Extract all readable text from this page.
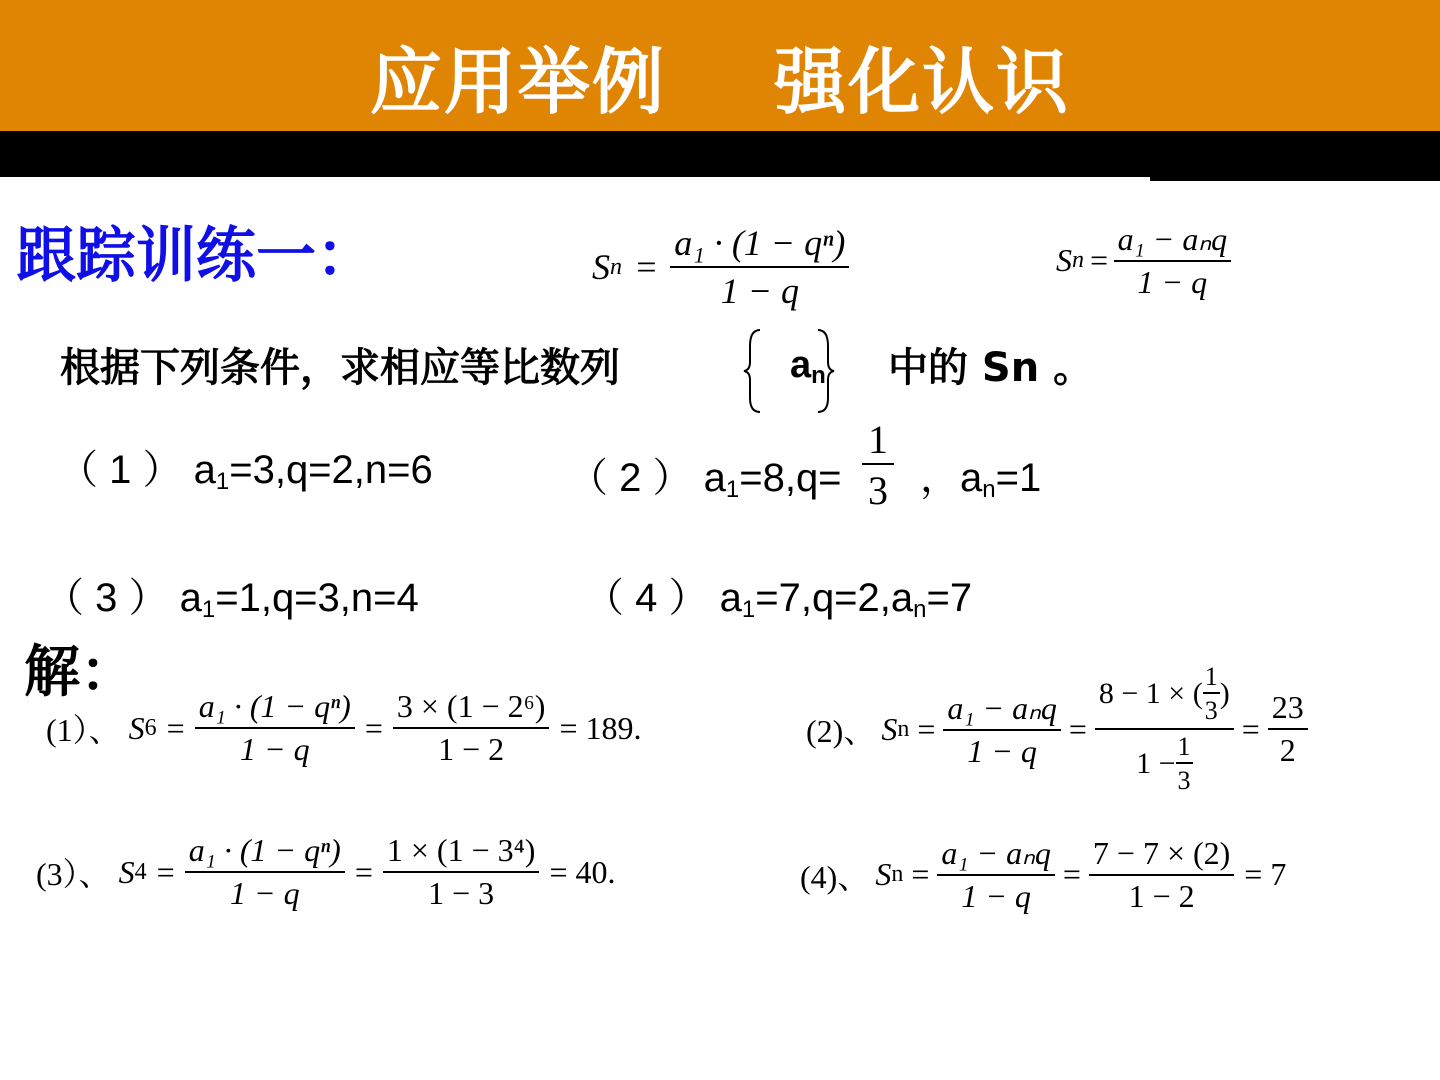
应用举例    强化认识
跟踪训练一：	S $n = \frac{\text{a₁ · (1 − qⁿ)}}{1 - q}$	S $n = \frac{\text{a₁ − aₙq}}{1 - q}$
根据下列条件，求相应等比数列	$a_n$ 中的 Sn 。
（ 1 ） $a_1=3,q=2,n=6$	（ 2 ） $a_1=8,q= \frac{1}{3}$ ，$a_n=1$
（ 3 ） $a_1=1,q=3,n=4$	（ 4 ） $a_1=7,q=2,a_n=7$
解：
(1）、 S $6 = \frac{\text{a₁ · (1 − qⁿ)}}{1 - q} = \frac{\text{3 × (1 − 2⁶)}}{1 - 2} = 189$.	(2)、 S $n = \frac{\text{a₁ − aₙq}}{1 - q} = \frac{8 - 1 \times ( \frac{1}{3} )}{1 - \frac{1}{3}} = \frac{23}{2}$
(3）、 S $4 = \frac{\text{a₁ · (1 − qⁿ)}}{1 - q} = \frac{\text{1 × (1 − 3⁴)}}{1 - 3} = 40$.	(4)、 S $n = \frac{\text{a₁ − aₙq}}{1 - q} = \frac{7 - 7 \times (2)}{1 - 2} = 7$
